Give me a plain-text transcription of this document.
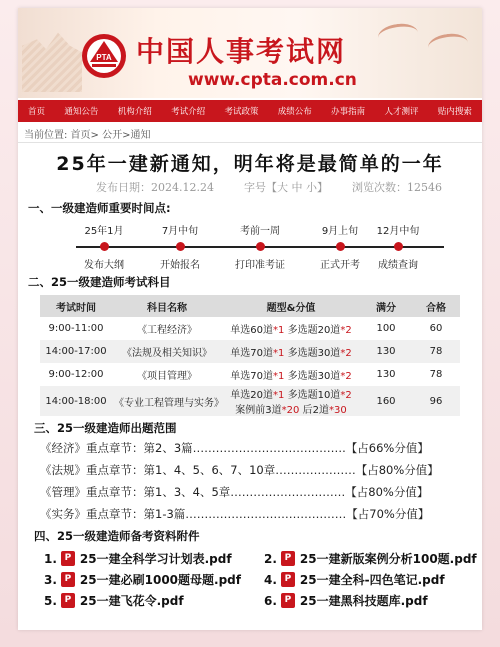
PTA 中国人事考试网
www.cpta.com.cn
首页 通知公告 机构介绍 考试介绍 考试政策 成绩公布 办事指南 人才测评 贴内搜索
当前位置: 首页> 公开>通知
25年一建新通知，明年将是最简单的一年
发布日期：2024.12.24	字号【大 中 小】 浏览次数：12546
一、一级建造师重要时间点:
25年1月	7月中旬	考前一周	9月上旬	12月中旬
发布大纲	开始报名	打印准考证	正式开考	成绩查询
二、25一级建造师考试科目
考试时间	科目名称	题型&分值	满分	合格
9:00-11:00	《工程经济》	单选60道*1 多选题20道*2	100	60
14:00-17:00	《法规及相关知识》	单选70道*1 多选题30道*2	130	78
9:00-12:00	《项目管理》	单选70道*1 多选题30道*2	130	78
14:00-18:00	《专业工程管理与实务》	单选20道*1 多选题10道*2
案例前3道*20 后2道*30	160	96
三、25一级建造师出题范围
《经济》重点章节：第2、3篇………………………………….【占66%分值】
《法规》重点章节：第1、4、5、6、7、10章…………………【占80%分值】
《管理》重点章节：第1、3、4、5章…………………………【占80%分值】
《实务》重点章节：第1-3篇……………………………………【占70%分值】
四、25一级建造师备考资料附件
1. P 25一建全科学习计划表.pdf	2. P 25一建新版案例分析100题.pdf
3. P 25一建必刷1000题母题.pdf 4. P 25一建全科-四色笔记.pdf
5. P 25一建飞花令.pdf	6. P 25一建黑科技题库.pdf
